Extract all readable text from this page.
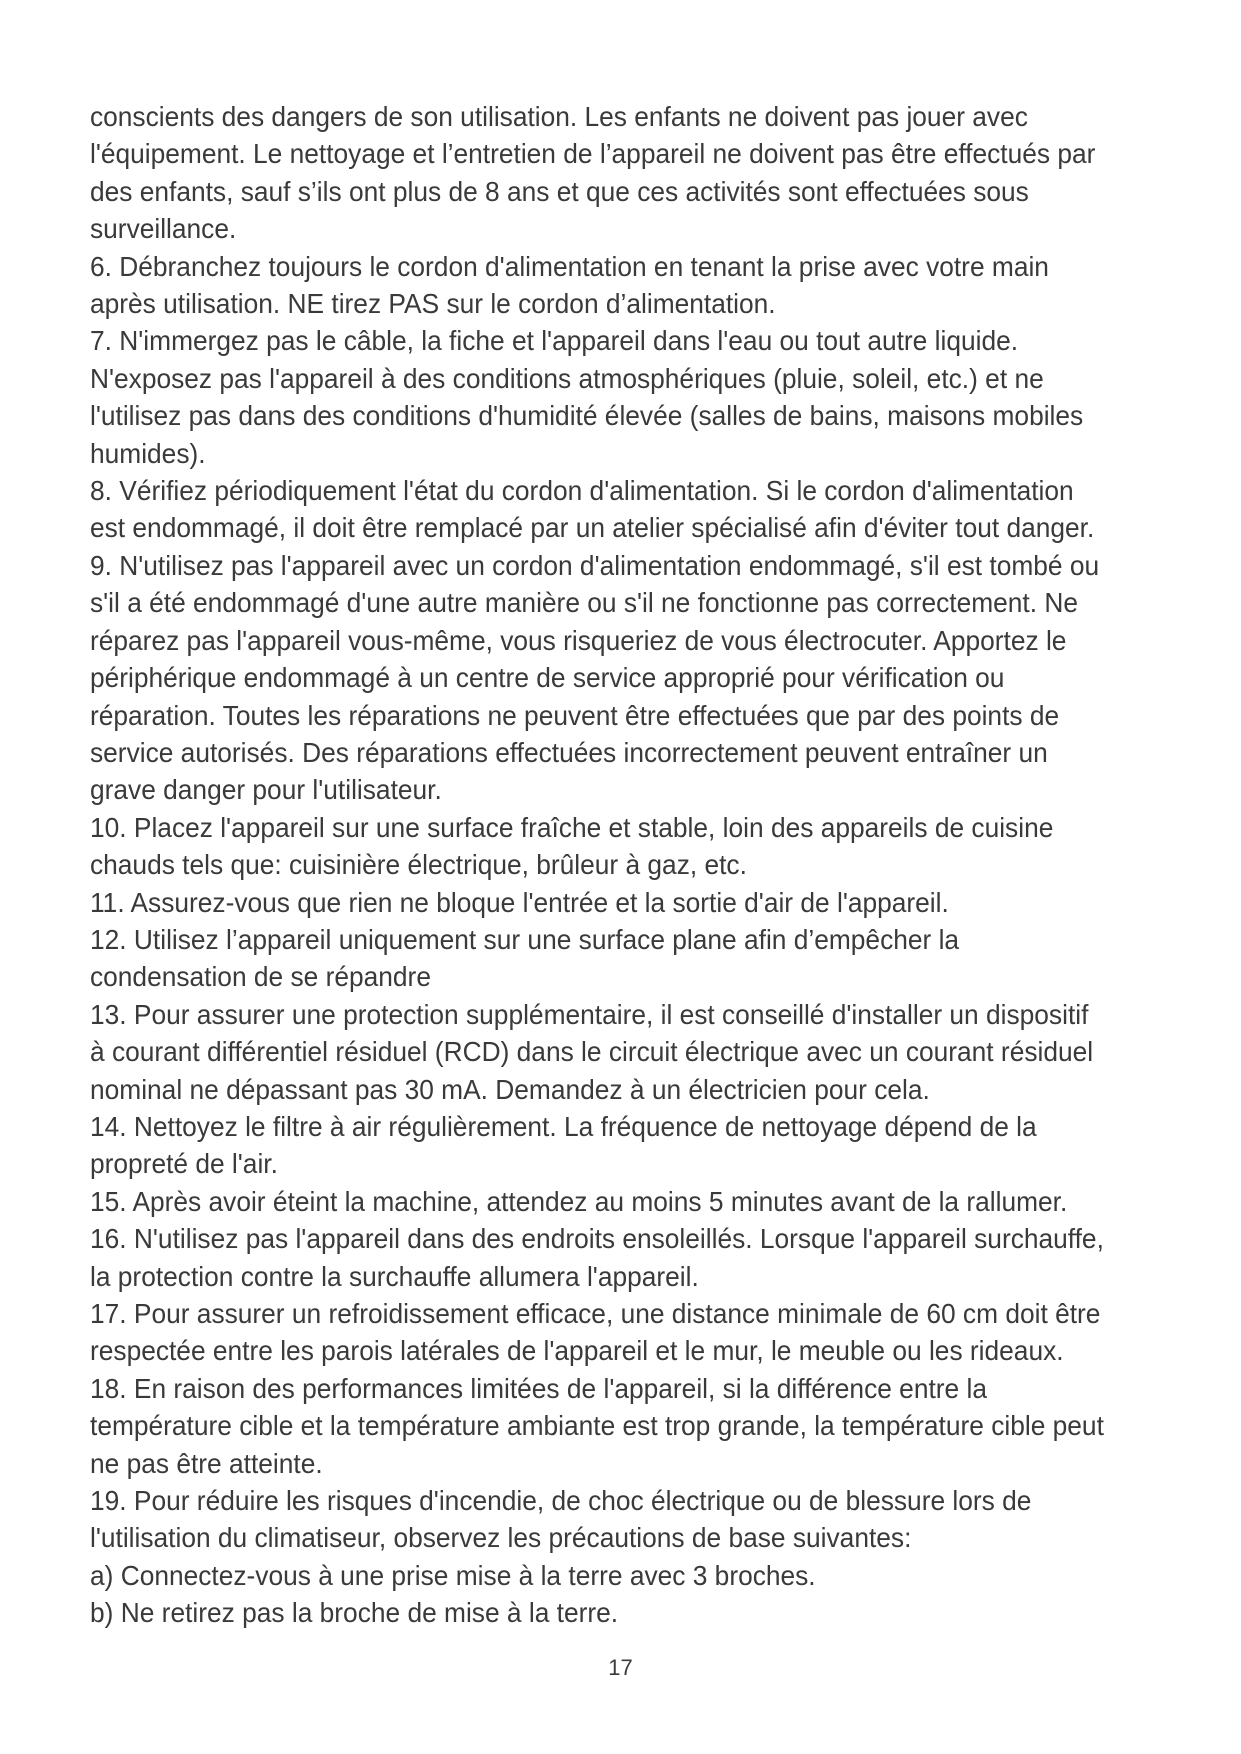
conscients des dangers de son utilisation. Les enfants ne doivent pas jouer avec l'équipement. Le nettoyage et l’entretien de l’appareil ne doivent pas être effectués par des enfants, sauf s’ils ont plus de 8 ans et que ces activités sont effectuées sous surveillance.

6. Débranchez toujours le cordon d'alimentation en tenant la prise avec votre main après utilisation. NE tirez PAS sur le cordon d’alimentation.

7. N'immergez pas le câble, la fiche et l'appareil dans l'eau ou tout autre liquide. N'exposez pas l'appareil à des conditions atmosphériques (pluie, soleil, etc.) et ne l'utilisez pas dans des conditions d'humidité élevée (salles de bains, maisons mobiles humides).

8. Vérifiez périodiquement l'état du cordon d'alimentation. Si le cordon d'alimentation est endommagé, il doit être remplacé par un atelier spécialisé afin d'éviter tout danger.

9. N'utilisez pas l'appareil avec un cordon d'alimentation endommagé, s'il est tombé ou s'il a été endommagé d'une autre manière ou s'il ne fonctionne pas correctement. Ne réparez pas l'appareil vous-même, vous risqueriez de vous électrocuter. Apportez le périphérique endommagé à un centre de service approprié pour vérification ou réparation. Toutes les réparations ne peuvent être effectuées que par des points de service autorisés. Des réparations effectuées incorrectement peuvent entraîner un grave danger pour l'utilisateur.

10. Placez l'appareil sur une surface fraîche et stable, loin des appareils de cuisine chauds tels que: cuisinière électrique, brûleur à gaz, etc.

11. Assurez-vous que rien ne bloque l'entrée et la sortie d'air de l'appareil.

12. Utilisez l’appareil uniquement sur une surface plane afin d’empêcher la condensation de se répandre

13. Pour assurer une protection supplémentaire, il est conseillé d'installer un dispositif à courant différentiel résiduel (RCD) dans le circuit électrique avec un courant résiduel nominal ne dépassant pas 30 mA. Demandez à un électricien pour cela.

14. Nettoyez le filtre à air régulièrement. La fréquence de nettoyage dépend de la propreté de l'air.

15. Après avoir éteint la machine, attendez au moins 5 minutes avant de la rallumer.

16. N'utilisez pas l'appareil dans des endroits ensoleillés. Lorsque l'appareil surchauffe, la protection contre la surchauffe allumera l'appareil.

17. Pour assurer un refroidissement efficace, une distance minimale de 60 cm doit être respectée entre les parois latérales de l'appareil et le mur, le meuble ou les rideaux.

18. En raison des performances limitées de l'appareil, si la différence entre la température cible et la température ambiante est trop grande, la température cible peut ne pas être atteinte.

19. Pour réduire les risques d'incendie, de choc électrique ou de blessure lors de l'utilisation du climatiseur, observez les précautions de base suivantes:

a) Connectez-vous à une prise mise à la terre avec 3 broches.

b) Ne retirez pas la broche de mise à la terre.

17
